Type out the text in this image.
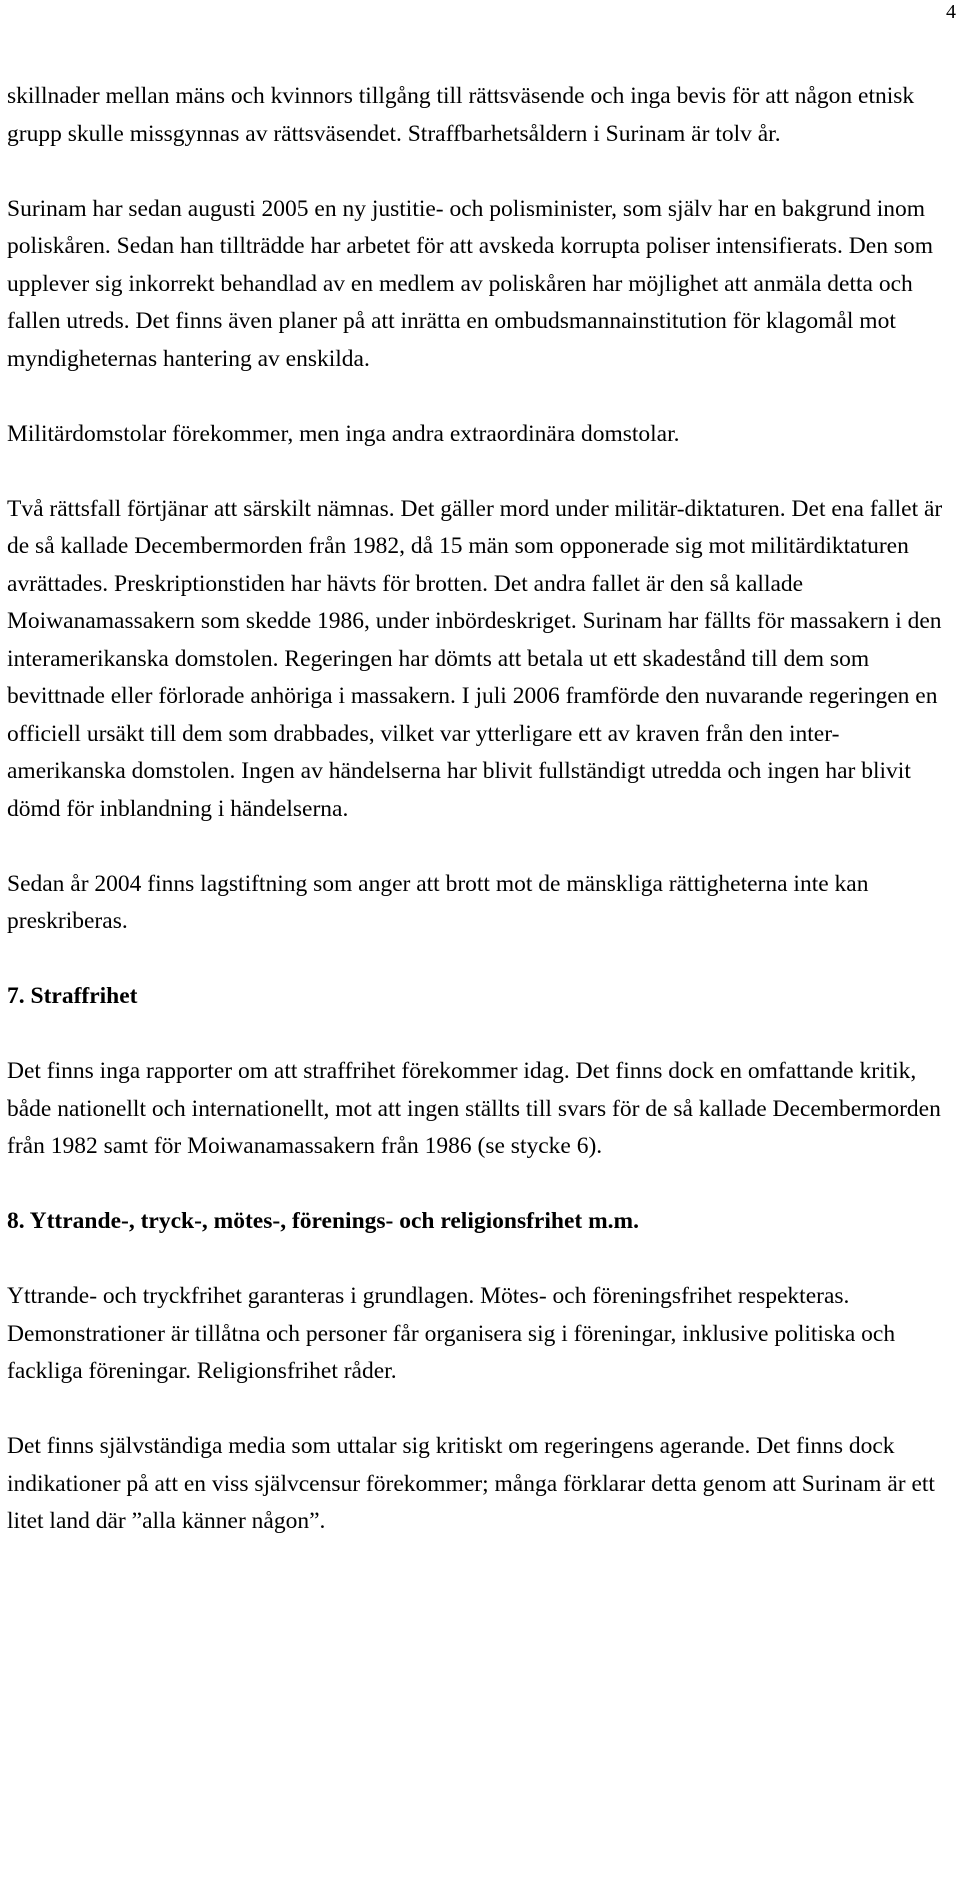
4

skillnader mellan mäns och kvinnors tillgång till rättsväsende och inga bevis för att någon etnisk grupp skulle missgynnas av rättsväsendet. Straffbarhetsåldern i Surinam är tolv år.

Surinam har sedan augusti 2005 en ny justitie- och polisminister, som själv har en bakgrund inom poliskåren. Sedan han tillträdde har arbetet för att avskeda korrupta poliser intensifierats. Den som upplever sig inkorrekt behandlad av en medlem av poliskåren har möjlighet att anmäla detta och fallen utreds. Det finns även planer på att inrätta en ombudsmannainstitution för klagomål mot myndigheternas hantering av enskilda.

Militärdomstolar förekommer, men inga andra extraordinära domstolar.

Två rättsfall förtjänar att särskilt nämnas. Det gäller mord under militär-diktaturen. Det ena fallet är de så kallade Decembermorden från 1982, då 15 män som opponerade sig mot militärdiktaturen avrättades. Preskriptionstiden har hävts för brotten. Det andra fallet är den så kallade Moiwanamassakern som skedde 1986, under inbördeskriget. Surinam har fällts för massakern i den interamerikanska domstolen. Regeringen har dömts att betala ut ett skadestånd till dem som bevittnade eller förlorade anhöriga i massakern. I juli 2006 framförde den nuvarande regeringen en officiell ursäkt till dem som drabbades, vilket var ytterligare ett av kraven från den inter-amerikanska domstolen. Ingen av händelserna har blivit fullständigt utredda och ingen har blivit dömd för inblandning i händelserna.

Sedan år 2004 finns lagstiftning som anger att brott mot de mänskliga rättigheterna inte kan preskriberas.

7. Straffrihet

Det finns inga rapporter om att straffrihet förekommer idag. Det finns dock en omfattande kritik, både nationellt och internationellt, mot att ingen ställts till svars för de så kallade Decembermorden från 1982 samt för Moiwanamassakern från 1986 (se stycke 6).

8. Yttrande-, tryck-, mötes-, förenings- och religionsfrihet m.m.

Yttrande- och tryckfrihet garanteras i grundlagen. Mötes- och föreningsfrihet respekteras. Demonstrationer är tillåtna och personer får organisera sig i föreningar, inklusive politiska och fackliga föreningar. Religionsfrihet råder.

Det finns självständiga media som uttalar sig kritiskt om regeringens agerande. Det finns dock indikationer på att en viss självcensur förekommer; många förklarar detta genom att Surinam är ett litet land där ”alla känner någon”.
